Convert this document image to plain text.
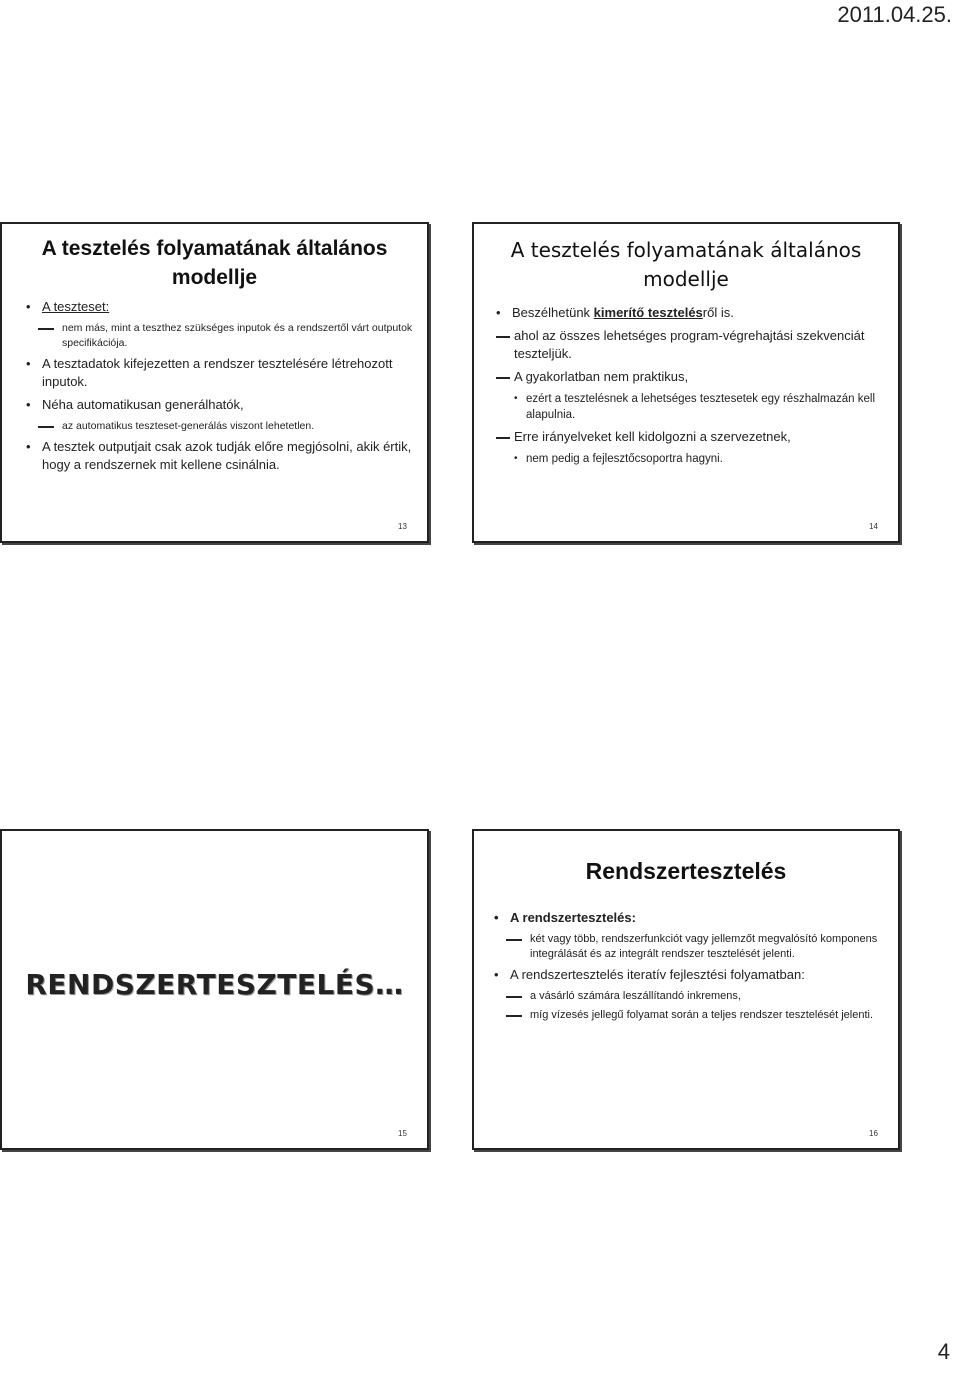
2011.04.25.
A tesztelés folyamatának általános modellje
• A teszteset:
nem más, mint a teszthez szükséges inputok és a rendszertől várt outputok specifikációja.
• A tesztadatok kifejezetten a rendszer tesztelésére létrehozott inputok.
• Néha automatikusan generálhatók,
az automatikus teszteset-generálás viszont lehetetlen.
• A tesztek outputjait csak azok tudják előre megjósolni, akik értik, hogy a rendszernek mit kellene csinálnia.
13
A tesztelés folyamatának általános modellje
• Beszélhetünk kimerítő tesztelésről is.
ahol az összes lehetséges program-végrehajtási szekvenciát teszteljük.
A gyakorlatban nem praktikus,
• ezért a tesztelésnek a lehetséges tesztesetek egy részhalmazán kell alapulnia.
Erre irányelveket kell kidolgozni a szervezetnek,
• nem pedig a fejlesztőcsoportra hagyni.
14
RENDSZERTESZTELÉS…
15
Rendszertesztelés
• A rendszertesztelés:
két vagy több, rendszerfunkciót vagy jellemzőt megvalósító komponens integrálását és az integrált rendszer tesztelését jelenti.
• A rendszertesztelés iteratív fejlesztési folyamatban:
a vásárló számára leszállítandó inkremens,
míg vízesés jellegű folyamat során a teljes rendszer tesztelését jelenti.
16
4
